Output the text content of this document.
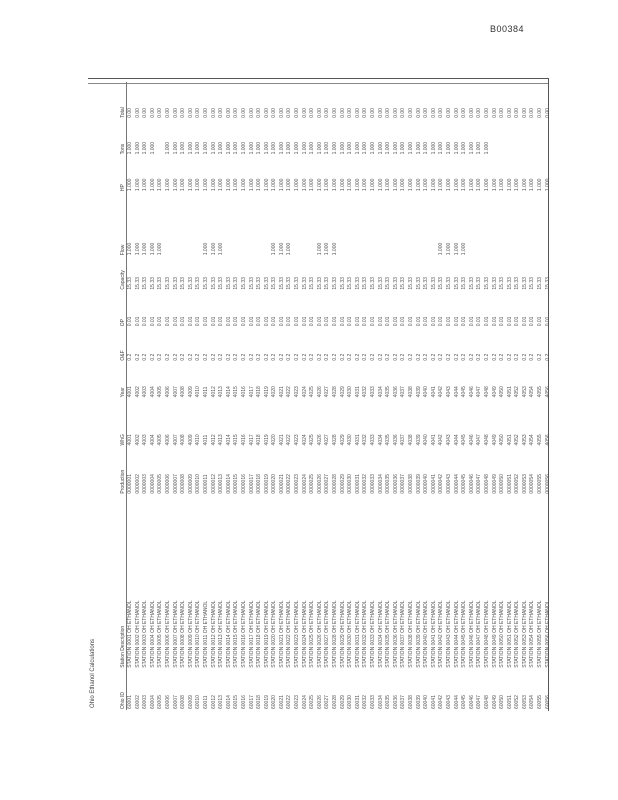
B00384
Ohio Ethanol Calculations	Ohio ID	Station Description	Production	WhG	Year	O&F	OP	Capacity	Flow	HP	Tons	Total
60001	STATION 0001 OH ETHANOL	0000001	4001	4001	0.2	0.01	15.33	1.000	1.000	1.000	0.00
60002	STATION 0002 OH ETHANOL	0000002	4002	4002	0.2	0.01	15.33	1.000	1.000	1.000	0.00
60003	STATION 0003 OH ETHANOL	0000003	4003	4003	0.2	0.01	15.33	1.000	1.000	1.000	0.00
60004	STATION 0004 OH ETHANOL	0000004	4004	4004	0.2	0.01	15.33	1.000	1.000	1.000	0.00
60005	STATION 0005 OH ETHANOL	0000005	4005	4005	0.2	0.01	15.33	1.000	1.000		0.00
60006	STATION 0006 OH ETHANOL	0000006	4006	4006	0.2	0.01	15.33		1.000	1.000	0.00
60007	STATION 0007 OH ETHANOL	0000007	4007	4007	0.2	0.01	15.33		1.000	1.000	0.00
60008	STATION 0008 OH ETHANOL	0000008	4008	4008	0.2	0.01	15.33		1.000	1.000	0.00
60009	STATION 0009 OH ETHANOL	0000009	4009	4009	0.2	0.01	15.33		1.000	1.000	0.00
60010	STATION 0010 OH ETHANOL	0000010	4010	4010	0.2	0.01	15.33		1.000	1.000	0.00
60011	STATION 0011 OH ETHANOL	0000011	4011	4011	0.2	0.01	15.33	1.000	1.000	1.000	0.00
60012	STATION 0012 OH ETHANOL	0000012	4012	4012	0.2	0.01	15.33	1.000	1.000	1.000	0.00
60013	STATION 0013 OH ETHANOL	0000013	4013	4013	0.2	0.01	15.33	1.000	1.000	1.000	0.00
60014	STATION 0014 OH ETHANOL	0000014	4014	4014	0.2	0.01	15.33		1.000	1.000	0.00
60015	STATION 0015 OH ETHANOL	0000015	4015	4015	0.2	0.01	15.33		1.000	1.000	0.00
60016	STATION 0016 OH ETHANOL	0000016	4016	4016	0.2	0.01	15.33		1.000	1.000	0.00
60017	STATION 0017 OH ETHANOL	0000017	4017	4017	0.2	0.01	15.33		1.000	1.000	0.00
60018	STATION 0018 OH ETHANOL	0000018	4018	4018	0.2	0.01	15.33		1.000	1.000	0.00
60019	STATION 0019 OH ETHANOL	0000019	4019	4019	0.2	0.01	15.33		1.000	1.000	0.00
60020	STATION 0020 OH ETHANOL	0000020	4020	4020	0.2	0.01	15.33	1.000	1.000	1.000	0.00
60021	STATION 0021 OH ETHANOL	0000021	4021	4021	0.2	0.01	15.33	1.000	1.000	1.000	0.00
60022	STATION 0022 OH ETHANOL	0000022	4022	4022	0.2	0.01	15.33	1.000	1.000	1.000	0.00
60023	STATION 0023 OH ETHANOL	0000023	4023	4023	0.2	0.01	15.33		1.000	1.000	0.00
60024	STATION 0024 OH ETHANOL	0000024	4024	4024	0.2	0.01	15.33		1.000	1.000	0.00
60025	STATION 0025 OH ETHANOL	0000025	4025	4025	0.2	0.01	15.33		1.000	1.000	0.00
60026	STATION 0026 OH ETHANOL	0000026	4026	4026	0.2	0.01	15.33	1.000	1.000	1.000	0.00
60027	STATION 0027 OH ETHANOL	0000027	4027	4027	0.2	0.01	15.33	1.000	1.000	1.000	0.00
60028	STATION 0028 OH ETHANOL	0000028	4028	4028	0.2	0.01	15.33	1.000	1.000	1.000	0.00
60029	STATION 0029 OH ETHANOL	0000029	4029	4029	0.2	0.01	15.33		1.000	1.000	0.00
60030	STATION 0030 OH ETHANOL	0000030	4030	4030	0.2	0.01	15.33		1.000	1.000	0.00
60031	STATION 0031 OH ETHANOL	0000031	4031	4031	0.2	0.01	15.33		1.000	1.000	0.00
60032	STATION 0032 OH ETHANOL	0000032	4032	4032	0.2	0.01	15.33		1.000	1.000	0.00
60033	STATION 0033 OH ETHANOL	0000033	4033	4033	0.2	0.01	15.33		1.000	1.000	0.00
60034	STATION 0034 OH ETHANOL	0000034	4034	4034	0.2	0.01	15.33		1.000	1.000	0.00
60035	STATION 0035 OH ETHANOL	0000035	4035	4035	0.2	0.01	15.33		1.000	1.000	0.00
60036	STATION 0036 OH ETHANOL	0000036	4036	4036	0.2	0.01	15.33		1.000	1.000	0.00
60037	STATION 0037 OH ETHANOL	0000037	4037	4037	0.2	0.01	15.33		1.000	1.000	0.00
60038	STATION 0038 OH ETHANOL	0000038	4038	4038	0.2	0.01	15.33		1.000	1.000	0.00
60039	STATION 0039 OH ETHANOL	0000039	4039	4039	0.2	0.01	15.33		1.000	1.000	0.00
60040	STATION 0040 OH ETHANOL	0000040	4040	4040	0.2	0.01	15.33		1.000	1.000	0.00
60041	STATION 0041 OH ETHANOL	0000041	4041	4041	0.2	0.01	15.33		1.000	1.000	0.00
60042	STATION 0042 OH ETHANOL	0000042	4042	4042	0.2	0.01	15.33	1.000	1.000	1.000	0.00
60043	STATION 0043 OH ETHANOL	0000043	4043	4043	0.2	0.01	15.33	1.000	1.000	1.000	0.00
60044	STATION 0044 OH ETHANOL	0000044	4044	4044	0.2	0.01	15.33	1.000	1.000	1.000	0.00
60045	STATION 0045 OH ETHANOL	0000045	4045	4045	0.2	0.01	15.33	1.000	1.000	1.000	0.00
60046	STATION 0046 OH ETHANOL	0000046	4046	4046	0.2	0.01	15.33		1.000	1.000	0.00
60047	STATION 0047 OH ETHANOL	0000047	4047	4047	0.2	0.01	15.33		1.000	1.000	0.00
60048	STATION 0048 OH ETHANOL	0000048	4048	4048	0.2	0.01	15.33		1.000	1.000	0.00
60049	STATION 0049 OH ETHANOL	0000049	4049	4049	0.2	0.01	15.33		1.000		0.00
60050	STATION 0050 OH ETHANOL	0000050	4050	4050	0.2	0.01	15.33		1.000		0.00
60051	STATION 0051 OH ETHANOL	0000051	4051	4051	0.2	0.01	15.33		1.000		0.00
60052	STATION 0052 OH ETHANOL	0000052	4052	4052	0.2	0.01	15.33		1.000		0.00
60053	STATION 0053 OH ETHANOL	0000053	4053	4053	0.2	0.01	15.33		1.000		0.00
60054	STATION 0054 OH ETHANOL	0000054	4054	4054	0.2	0.01	15.33		1.000		0.00
60055	STATION 0055 OH ETHANOL	0000055	4055	4055	0.2	0.01	15.33		1.000		0.00
60056	STATION 0056 OH ETHANOL	0000056	4056	4056	0.2	0.01	15.33		1.000		0.00
